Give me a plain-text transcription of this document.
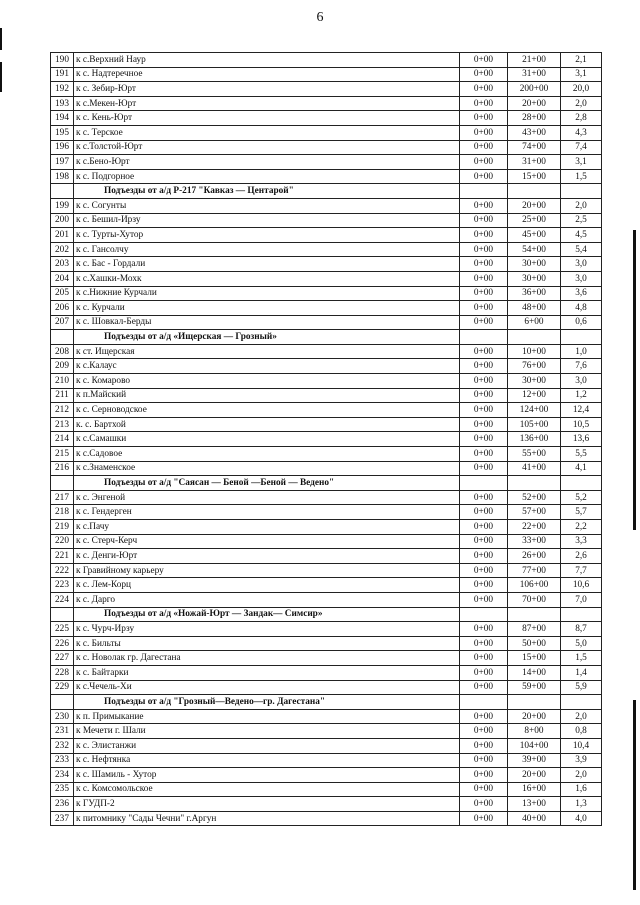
6
190	к с.Верхний Наур	0+00	21+00	2,1
191	к с. Надтеречное	0+00	31+00	3,1
192	к с. Зебир-Юрт	0+00	200+00	20,0
193	к с.Мекен-Юрт	0+00	20+00	2,0
194	к с. Кень-Юрт	0+00	28+00	2,8
195	к с. Терское	0+00	43+00	4,3
196	к с.Толстой-Юрт	0+00	74+00	7,4
197	к с.Бено-Юрт	0+00	31+00	3,1
198	к с. Подгорное	0+00	15+00	1,5
	Подъезды от а/д Р-217 "Кавказ — Центарой"			
199	к с. Согунты	0+00	20+00	2,0
200	к с. Бешил-Ирзу	0+00	25+00	2,5
201	к с. Турты-Хутор	0+00	45+00	4,5
202	к с. Гансолчу	0+00	54+00	5,4
203	к с. Бас - Гордали	0+00	30+00	3,0
204	к с.Хашки-Мохк	0+00	30+00	3,0
205	к с.Нижние Курчали	0+00	36+00	3,6
206	к с. Курчали	0+00	48+00	4,8
207	к с. Шовкал-Берды	0+00	6+00	0,6
	Подъезды от а/д «Ищерская — Грозный»			
208	к ст. Ищерская	0+00	10+00	1,0
209	к с.Калаус	0+00	76+00	7,6
210	к с. Комарово	0+00	30+00	3,0
211	к п.Майский	0+00	12+00	1,2
212	к с. Серноводское	0+00	124+00	12,4
213	к. с. Бартхой	0+00	105+00	10,5
214	к с.Самашки	0+00	136+00	13,6
215	к с.Садовое	0+00	55+00	5,5
216	к с.Знаменское	0+00	41+00	4,1
	Подъезды от а/д "Саясан — Беной —Беной — Ведено"			
217	к с. Энгеной	0+00	52+00	5,2
218	к с. Гендерген	0+00	57+00	5,7
219	к с.Пачу	0+00	22+00	2,2
220	к с. Стерч-Керч	0+00	33+00	3,3
221	к с. Денги-Юрт	0+00	26+00	2,6
222	к Гравийному карьеру	0+00	77+00	7,7
223	к с. Лем-Корц	0+00	106+00	10,6
224	к с. Дарго	0+00	70+00	7,0
	Подъезды от а/д «Ножай-Юрт — Зандак— Симсир»			
225	к с. Чурч-Ирзу	0+00	87+00	8,7
226	к с. Бильты	0+00	50+00	5,0
227	к с. Новолак гр. Дагестана	0+00	15+00	1,5
228	к с. Байтарки	0+00	14+00	1,4
229	к с.Чечель-Хи	0+00	59+00	5,9
	Подъезды от а/д "Грозный—Ведено—гр. Дагестана"			
230	к п. Примыкание	0+00	20+00	2,0
231	к Мечети г. Шали	0+00	8+00	0,8
232	к с. Элистанжи	0+00	104+00	10,4
233	к с. Нефтянка	0+00	39+00	3,9
234	к с. Шамиль - Хутор	0+00	20+00	2,0
235	к с. Комсомольское	0+00	16+00	1,6
236	к ГУДП-2	0+00	13+00	1,3
237	к питомнику "Сады Чечни" г.Аргун	0+00	40+00	4,0
